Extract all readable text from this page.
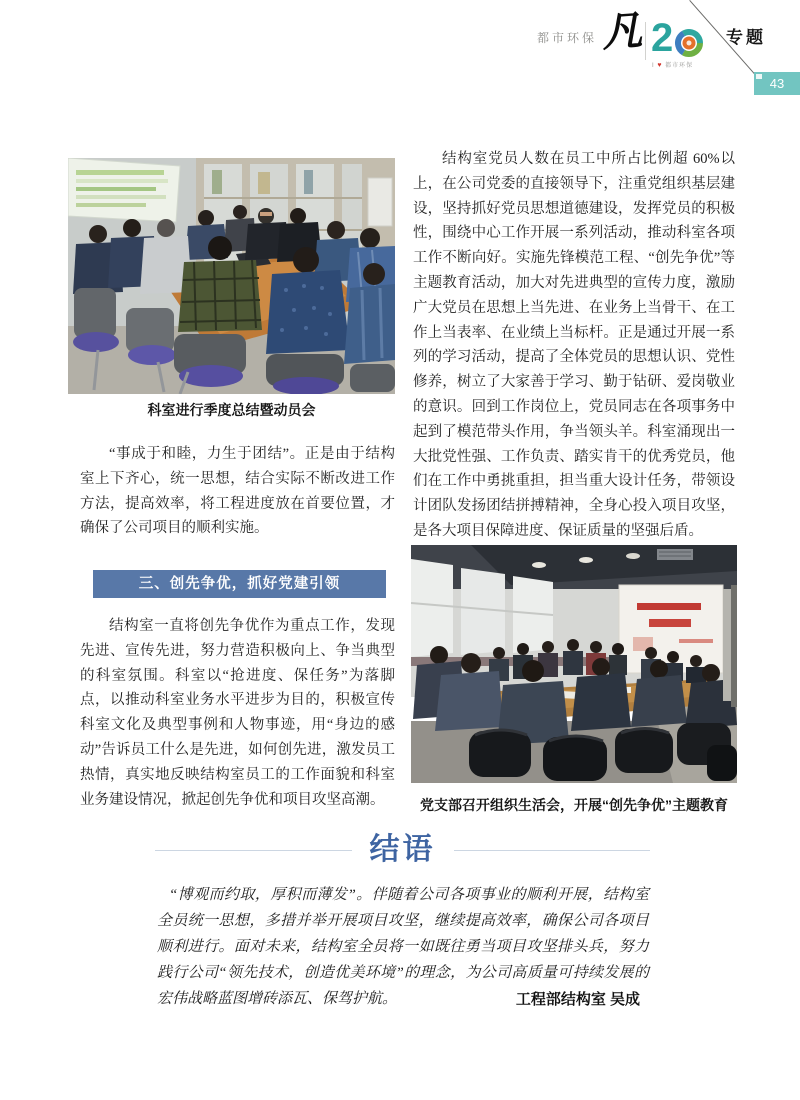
都市环保 凡 2
I ♥ 都市环保
专题
43
科室进行季度总结暨动员会
“事成于和睦，力生于团结”。正是由于结构室上下齐心，统一思想，结合实际不断改进工作方法，提高效率，将工程进度放在首要位置，才确保了公司项目的顺利实施。
三、创先争优，抓好党建引领
结构室一直将创先争优作为重点工作，发现先进、宣传先进，努力营造积极向上、争当典型的科室氛围。科室以“抢进度、保任务”为落脚点，以推动科室业务水平进步为目的，积极宣传科室文化及典型事例和人物事迹，用“身边的感动”告诉员工什么是先进，如何创先进，激发员工热情，真实地反映结构室员工的工作面貌和科室业务建设情况，掀起创先争优和项目攻坚高潮。
结构室党员人数在员工中所占比例超 60%以上，在公司党委的直接领导下，注重党组织基层建设，坚持抓好党员思想道德建设，发挥党员的积极性，围绕中心工作开展一系列活动，推动科室各项工作不断向好。实施先锋模范工程、“创先争优”等主题教育活动，加大对先进典型的宣传力度，激励广大党员在思想上当先进、在业务上当骨干、在工作上当表率、在业绩上当标杆。正是通过开展一系列的学习活动，提高了全体党员的思想认识、党性修养，树立了大家善于学习、勤于钻研、爱岗敬业的意识。回到工作岗位上，党员同志在各项事务中起到了模范带头作用，争当领头羊。科室涌现出一大批党性强、工作负责、踏实肯干的优秀党员，他们在工作中勇挑重担，担当重大设计任务，带领设计团队发扬团结拼搏精神，全身心投入项目攻坚，是各大项目保障进度、保证质量的坚强后盾。
党支部召开组织生活会，开展“创先争优”主题教育
结语
“博观而约取，厚积而薄发”。伴随着公司各项事业的顺利开展，结构室全员统一思想，多措并举开展项目攻坚，继续提高效率，确保公司各项目顺利进行。面对未来，结构室全员将一如既往勇当项目攻坚排头兵，努力践行公司“领先技术，创造优美环境”的理念，为公司高质量可持续发展的宏伟战略蓝图增砖添瓦、保驾护航。	工程部结构室 吴成
